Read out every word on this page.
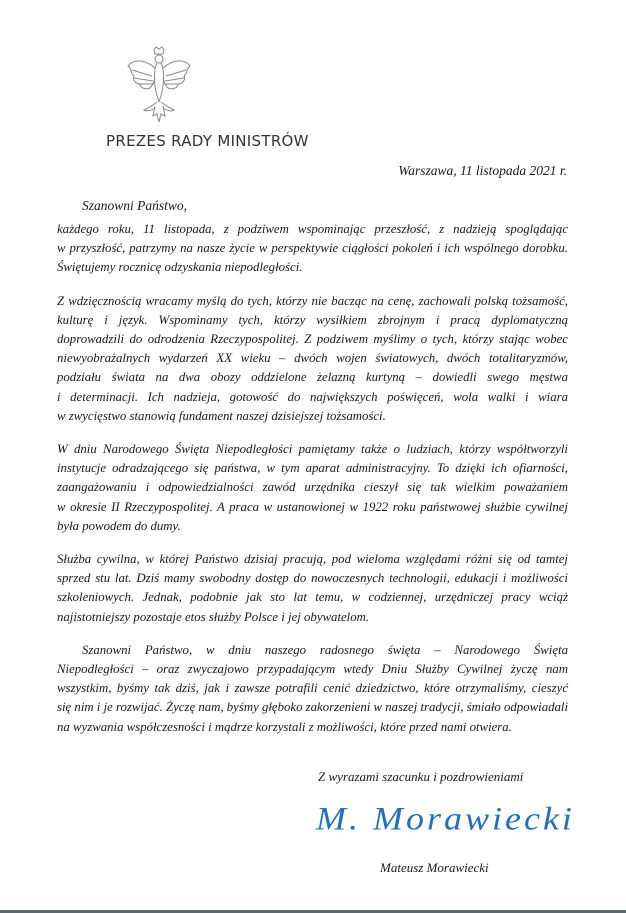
PREZES RADY MINISTRÓW
Warszawa, 11 listopada 2021 r.
Szanowni Państwo,
każdego roku, 11 listopada, z podziwem wspominając przeszłość, z nadzieją spoglądając
w przyszłość, patrzymy na nasze życie w perspektywie ciągłości pokoleń i ich wspólnego dorobku.
Świętujemy rocznicę odzyskania niepodległości.
Z wdzięcznością wracamy myślą do tych, którzy nie bacząc na cenę, zachowali polską tożsamość,
kulturę i język. Wspominamy tych, którzy wysiłkiem zbrojnym i pracą dyplomatyczną
doprowadzili do odrodzenia Rzeczypospolitej. Z podziwem myślimy o tych, którzy stając wobec
niewyobrażalnych wydarzeń XX wieku – dwóch wojen światowych, dwóch totalitaryzmów,
podziału świata na dwa obozy oddzielone żelazną kurtyną – dowiedli swego męstwa
i determinacji. Ich nadzieja, gotowość do największych poświęceń, wola walki i wiara
w zwycięstwo stanowią fundament naszej dzisiejszej tożsamości.
W dniu Narodowego Święta Niepodległości pamiętamy także o ludziach, którzy współtworzyli
instytucje odradzającego się państwa, w tym aparat administracyjny. To dzięki ich ofiarności,
zaangażowaniu i odpowiedzialności zawód urzędnika cieszył się tak wielkim poważaniem
w okresie II Rzeczypospolitej. A praca w ustanowionej w 1922 roku państwowej służbie cywilnej
była powodem do dumy.
Służba cywilna, w której Państwo dzisiaj pracują, pod wieloma względami różni się od tamtej
sprzed stu lat. Dziś mamy swobodny dostęp do nowoczesnych technologii, edukacji i możliwości
szkoleniowych. Jednak, podobnie jak sto lat temu, w codziennej, urzędniczej pracy wciąż
najistotniejszy pozostaje etos służby Polsce i jej obywatelom.
Szanowni Państwo, w dniu naszego radosnego święta – Narodowego Święta
Niepodległości – oraz zwyczajowo przypadającym wtedy Dniu Służby Cywilnej życzę nam
wszystkim, byśmy tak dziś, jak i zawsze potrafili cenić dziedzictwo, które otrzymaliśmy, cieszyć
się nim i je rozwijać. Życzę nam, byśmy głęboko zakorzenieni w naszej tradycji, śmiało odpowiadali
na wyzwania współczesności i mądrze korzystali z możliwości, które przed nami otwiera.
Z wyrazami szacunku i pozdrowieniami
M. Morawiecki
Mateusz Morawiecki
